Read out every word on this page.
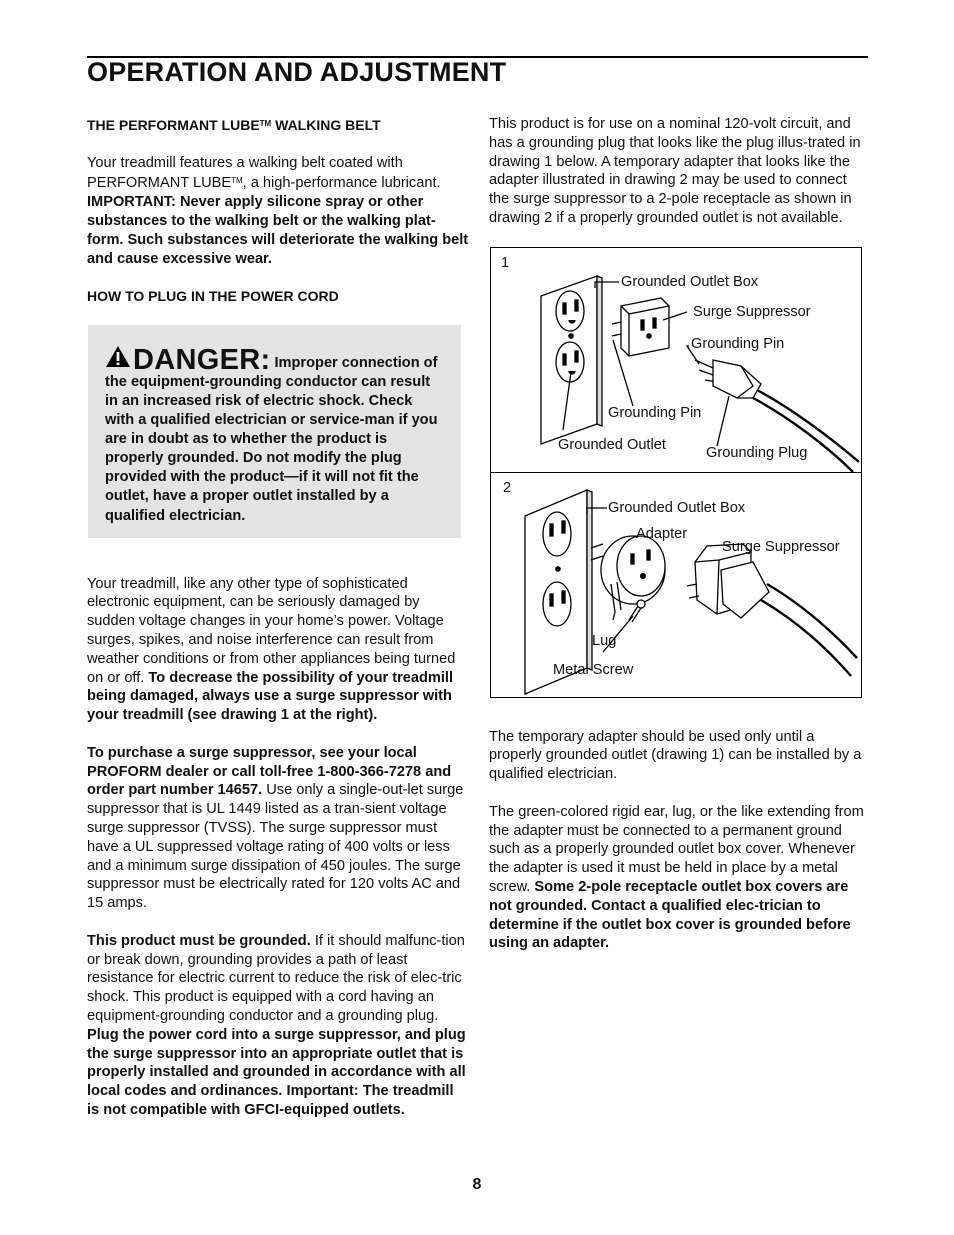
OPERATION AND ADJUSTMENT
THE PERFORMANT LUBE™ WALKING BELT

Your treadmill features a walking belt coated with PERFORMANT LUBE™, a high-performance lubricant. IMPORTANT: Never apply silicone spray or other substances to the walking belt or the walking plat-form. Such substances will deteriorate the walking belt and cause excessive wear.

HOW TO PLUG IN THE POWER CORD
DANGER: Improper connection of the equipment-grounding conductor can result in an increased risk of electric shock. Check with a qualified electrician or service-man if you are in doubt as to whether the product is properly grounded. Do not modify the plug provided with the product—if it will not fit the outlet, have a proper outlet installed by a qualified electrician.

Your treadmill, like any other type of sophisticated electronic equipment, can be seriously damaged by sudden voltage changes in your home’s power. Voltage surges, spikes, and noise interference can result from weather conditions or from other appliances being turned on or off. To decrease the possibility of your treadmill being damaged, always use a surge suppressor with your treadmill (see drawing 1 at the right).

To purchase a surge suppressor, see your local PROFORM dealer or call toll-free 1-800-366-7278 and order part number 14657. Use only a single-out-let surge suppressor that is UL 1449 listed as a tran-sient voltage surge suppressor (TVSS). The surge suppressor must have a UL suppressed voltage rating of 400 volts or less and a minimum surge dissipation of 450 joules. The surge suppressor must be electrically rated for 120 volts AC and 15 amps.

This product must be grounded. If it should malfunc-tion or break down, grounding provides a path of least resistance for electric current to reduce the risk of elec-tric shock. This product is equipped with a cord having an equipment-grounding conductor and a grounding plug. Plug the power cord into a surge suppressor, and plug the surge suppressor into an appropriate outlet that is properly installed and grounded in accordance with all local codes and ordinances. Important: The treadmill is not compatible with GFCI-equipped outlets.

This product is for use on a nominal 120-volt circuit, and has a grounding plug that looks like the plug illus-trated in drawing 1 below. A temporary adapter that looks like the adapter illustrated in drawing 2 may be used to connect the surge suppressor to a 2-pole receptacle as shown in drawing 2 if a properly grounded outlet is not available.

1
Grounded Outlet Box
Surge Suppressor
Grounding Pin
Grounding Pin
Grounded Outlet	Grounding Plug
2
Grounded Outlet Box
Adapter
Surge Suppressor
Lug
Metal Screw

The temporary adapter should be used only until a properly grounded outlet (drawing 1) can be installed by a qualified electrician.

The green-colored rigid ear, lug, or the like extending from the adapter must be connected to a permanent ground such as a properly grounded outlet box cover. Whenever the adapter is used it must be held in place by a metal screw. Some 2-pole receptacle outlet box covers are not grounded. Contact a qualified elec-trician to determine if the outlet box cover is grounded before using an adapter.

8
